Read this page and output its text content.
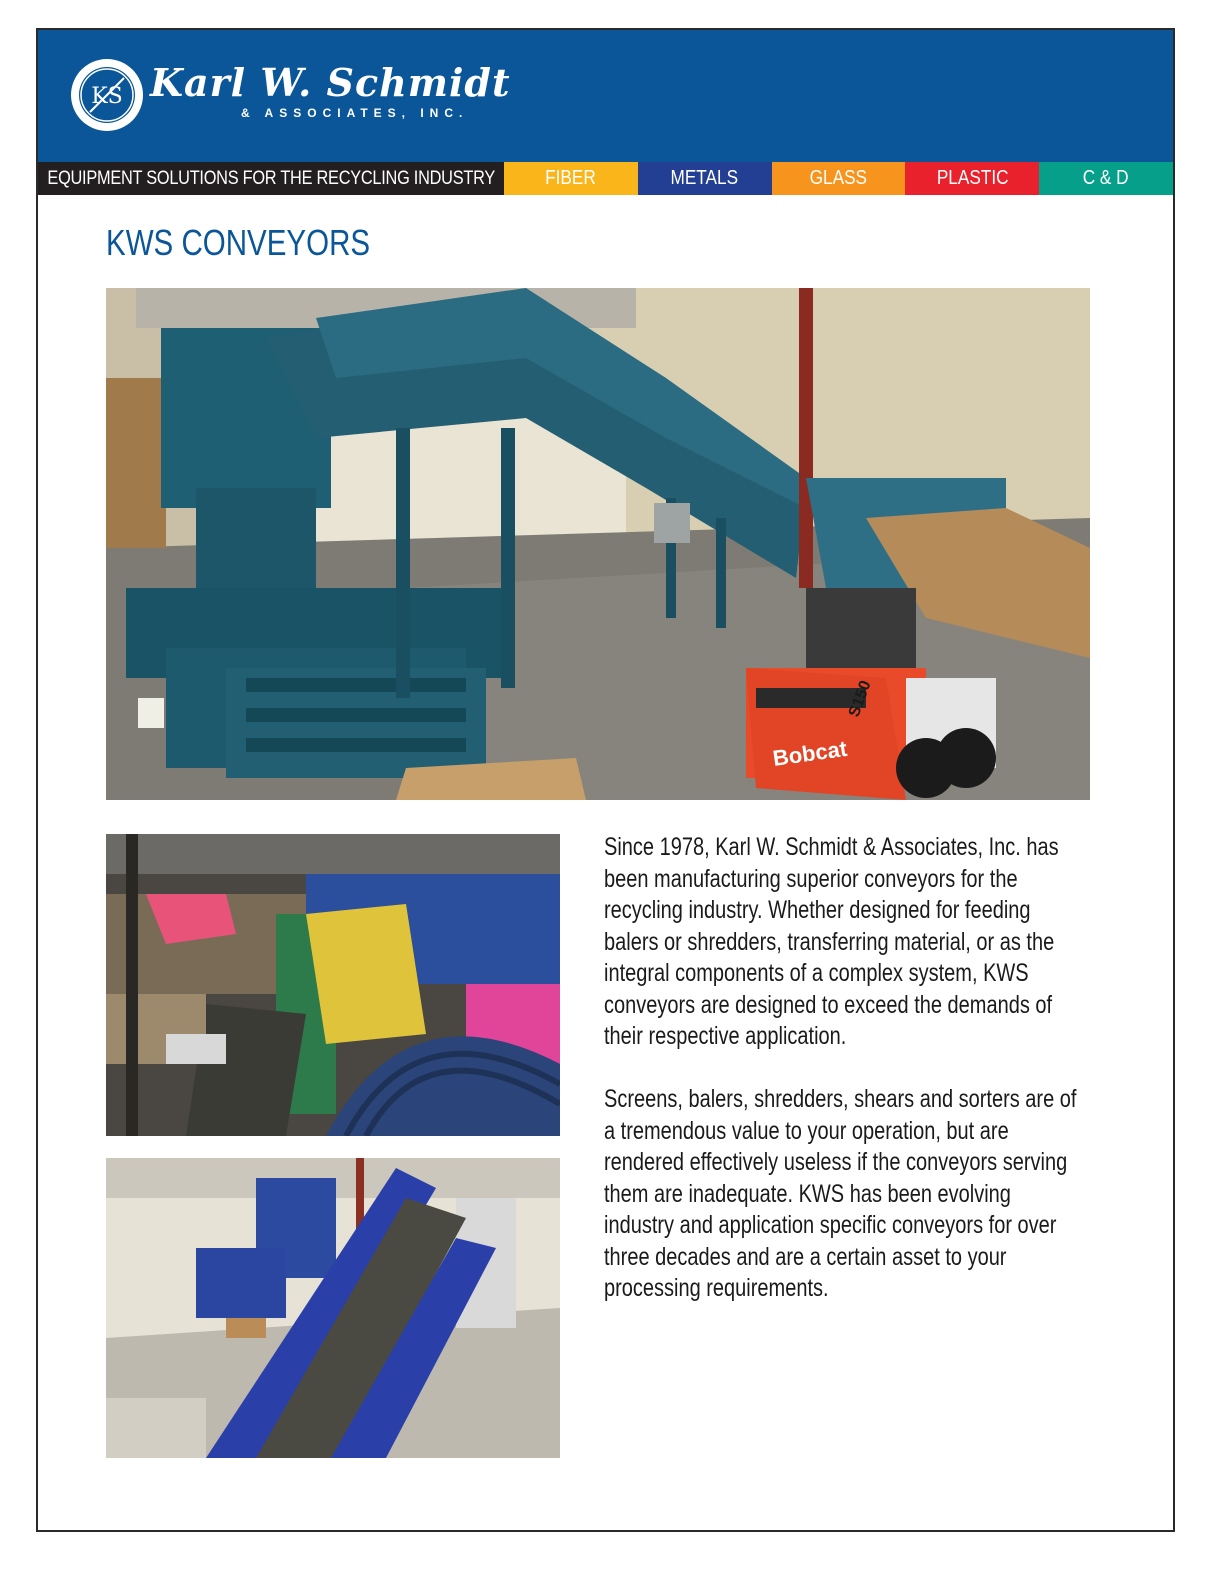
KS Karl W. Schmidt
& ASSOCIATES, INC.
EQUIPMENT SOLUTIONS FOR THE RECYCLING INDUSTRY	FIBER	METALS	GLASS	PLASTIC	C & D
KWS CONVEYORS
Bobcat
S150

Since 1978, Karl W. Schmidt & Associates, Inc. has been manufacturing superior conveyors for the recycling industry. Whether designed for feeding balers or shredders, transferring material, or as the integral components of a complex system, KWS conveyors are designed to exceed the demands of their respective application.

Screens, balers, shredders, shears and sorters are of a tremendous value to your operation, but are rendered effectively useless if the conveyors serving them are inadequate. KWS has been evolving industry and application specific conveyors for over three decades and are a certain asset to your processing requirements.
